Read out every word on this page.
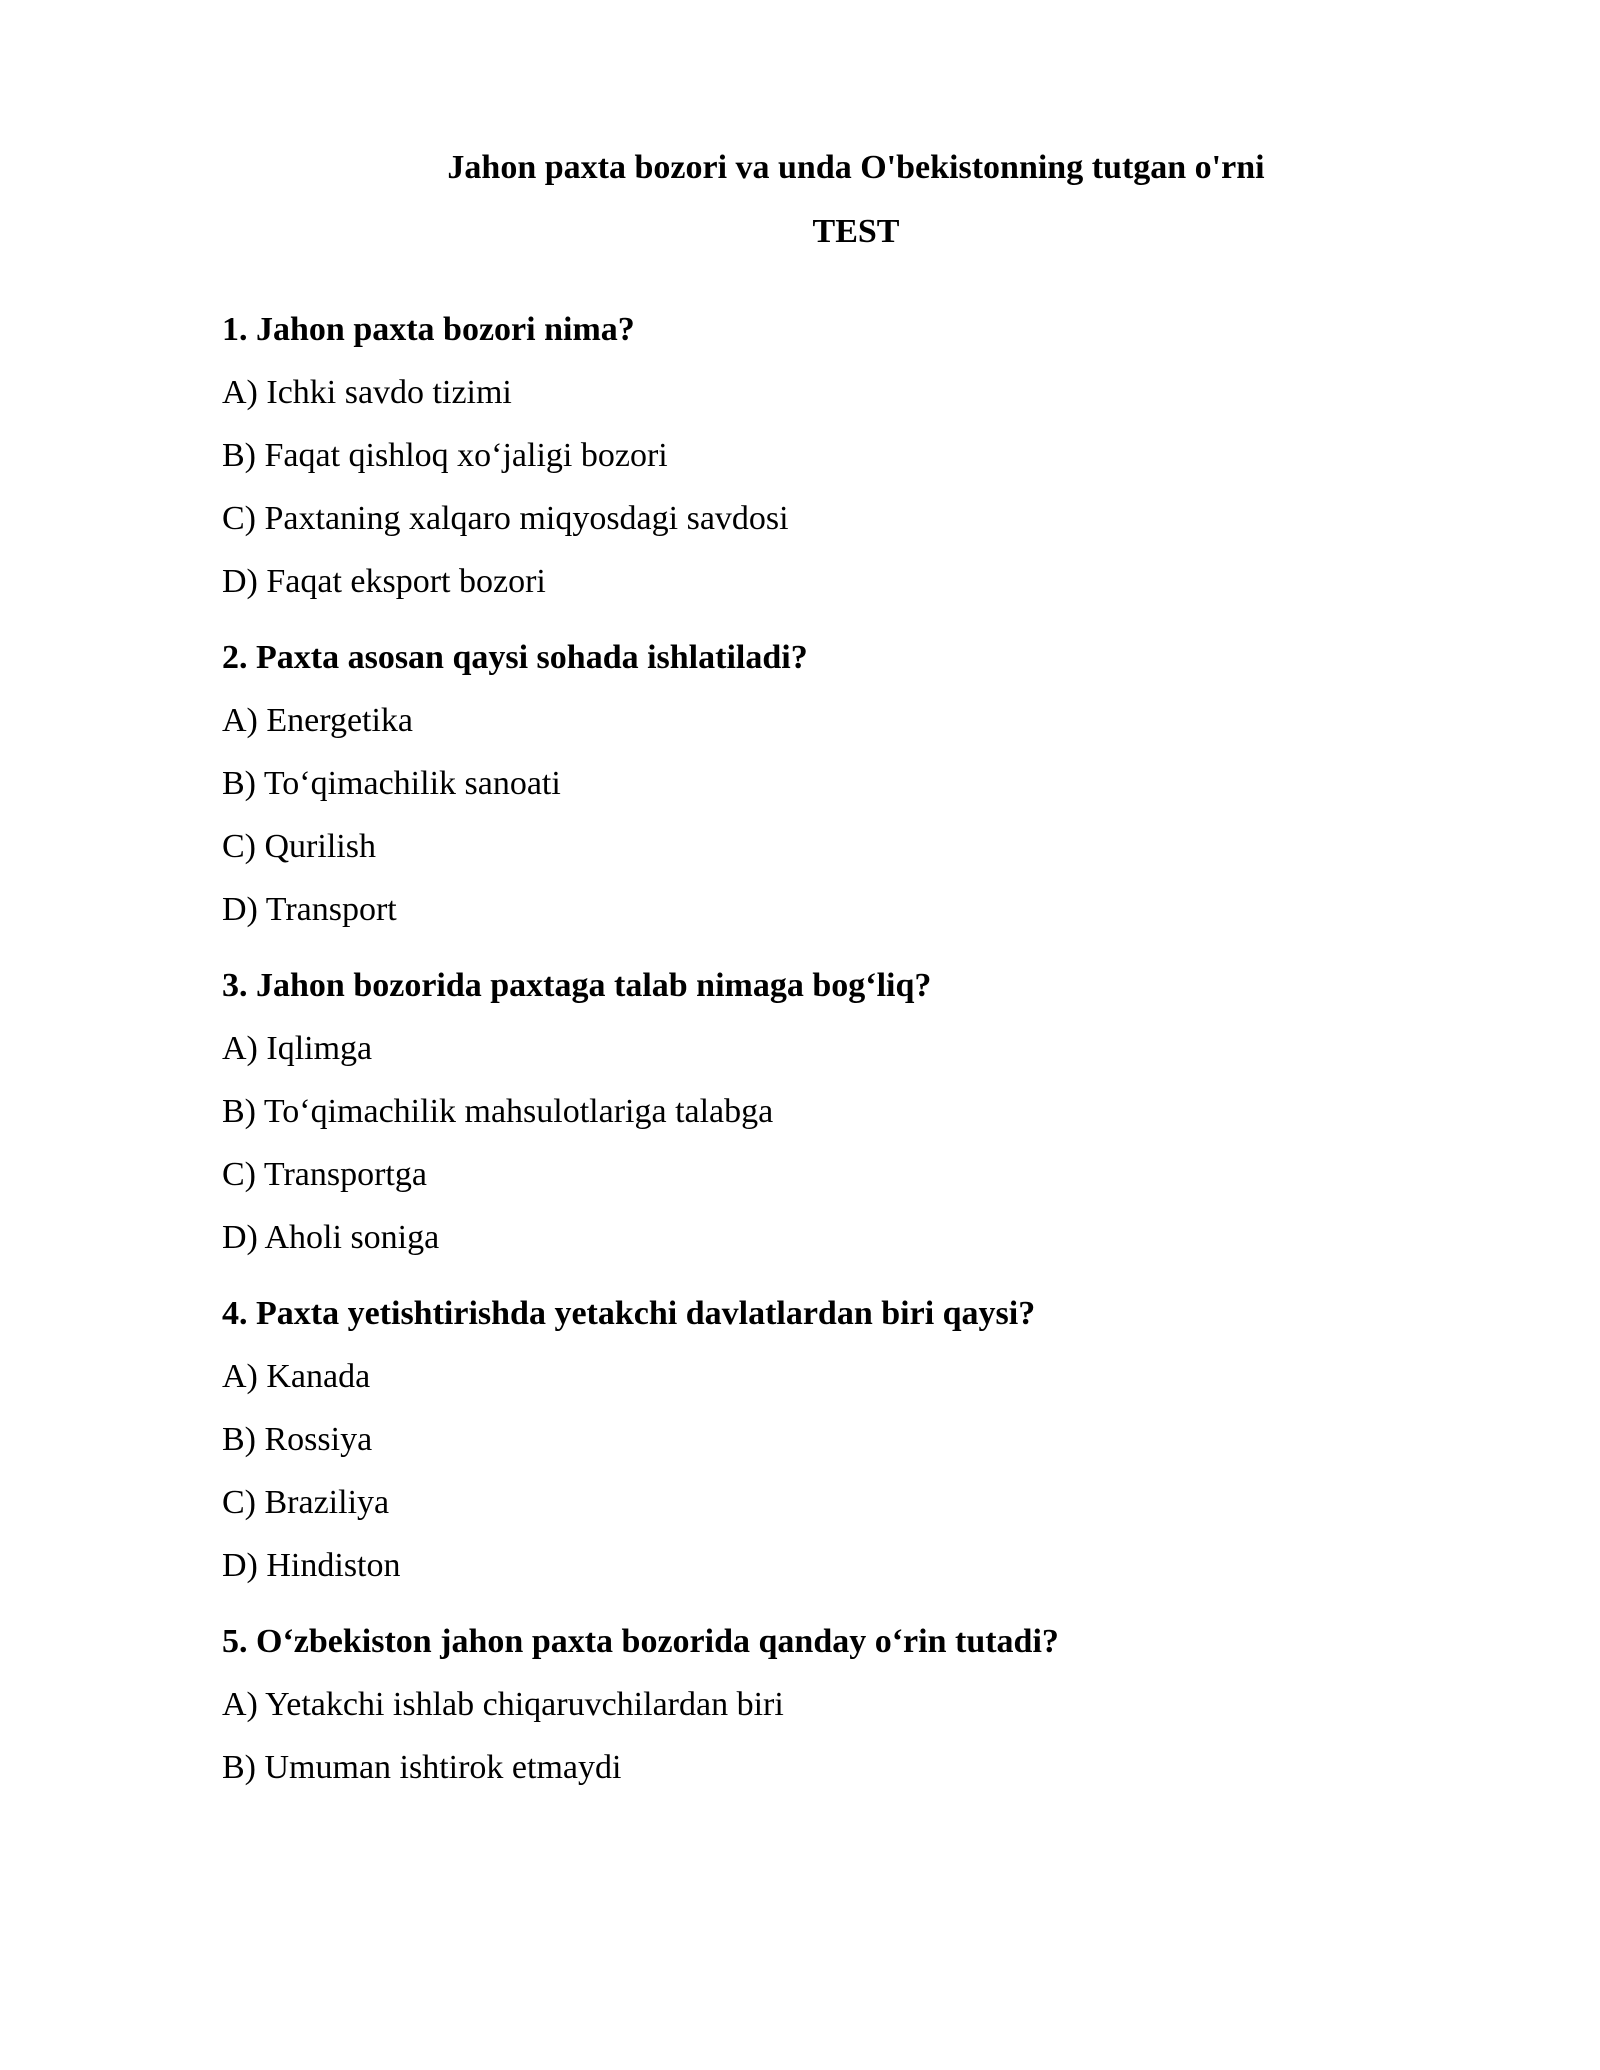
Jahon paxta bozori va unda O'bekistonning tutgan o'rni
TEST
1. Jahon paxta bozori nima?
A) Ichki savdo tizimi
B) Faqat qishloq xo‘jaligi bozori
C) Paxtaning xalqaro miqyosdagi savdosi
D) Faqat eksport bozori
2. Paxta asosan qaysi sohada ishlatiladi?
A) Energetika
B) To‘qimachilik sanoati
C) Qurilish
D) Transport
3. Jahon bozorida paxtaga talab nimaga bog‘liq?
A) Iqlimga
B) To‘qimachilik mahsulotlariga talabga
C) Transportga
D) Aholi soniga
4. Paxta yetishtirishda yetakchi davlatlardan biri qaysi?
A) Kanada
B) Rossiya
C) Braziliya
D) Hindiston
5. O‘zbekiston jahon paxta bozorida qanday o‘rin tutadi?
A) Yetakchi ishlab chiqaruvchilardan biri
B) Umuman ishtirok etmaydi
